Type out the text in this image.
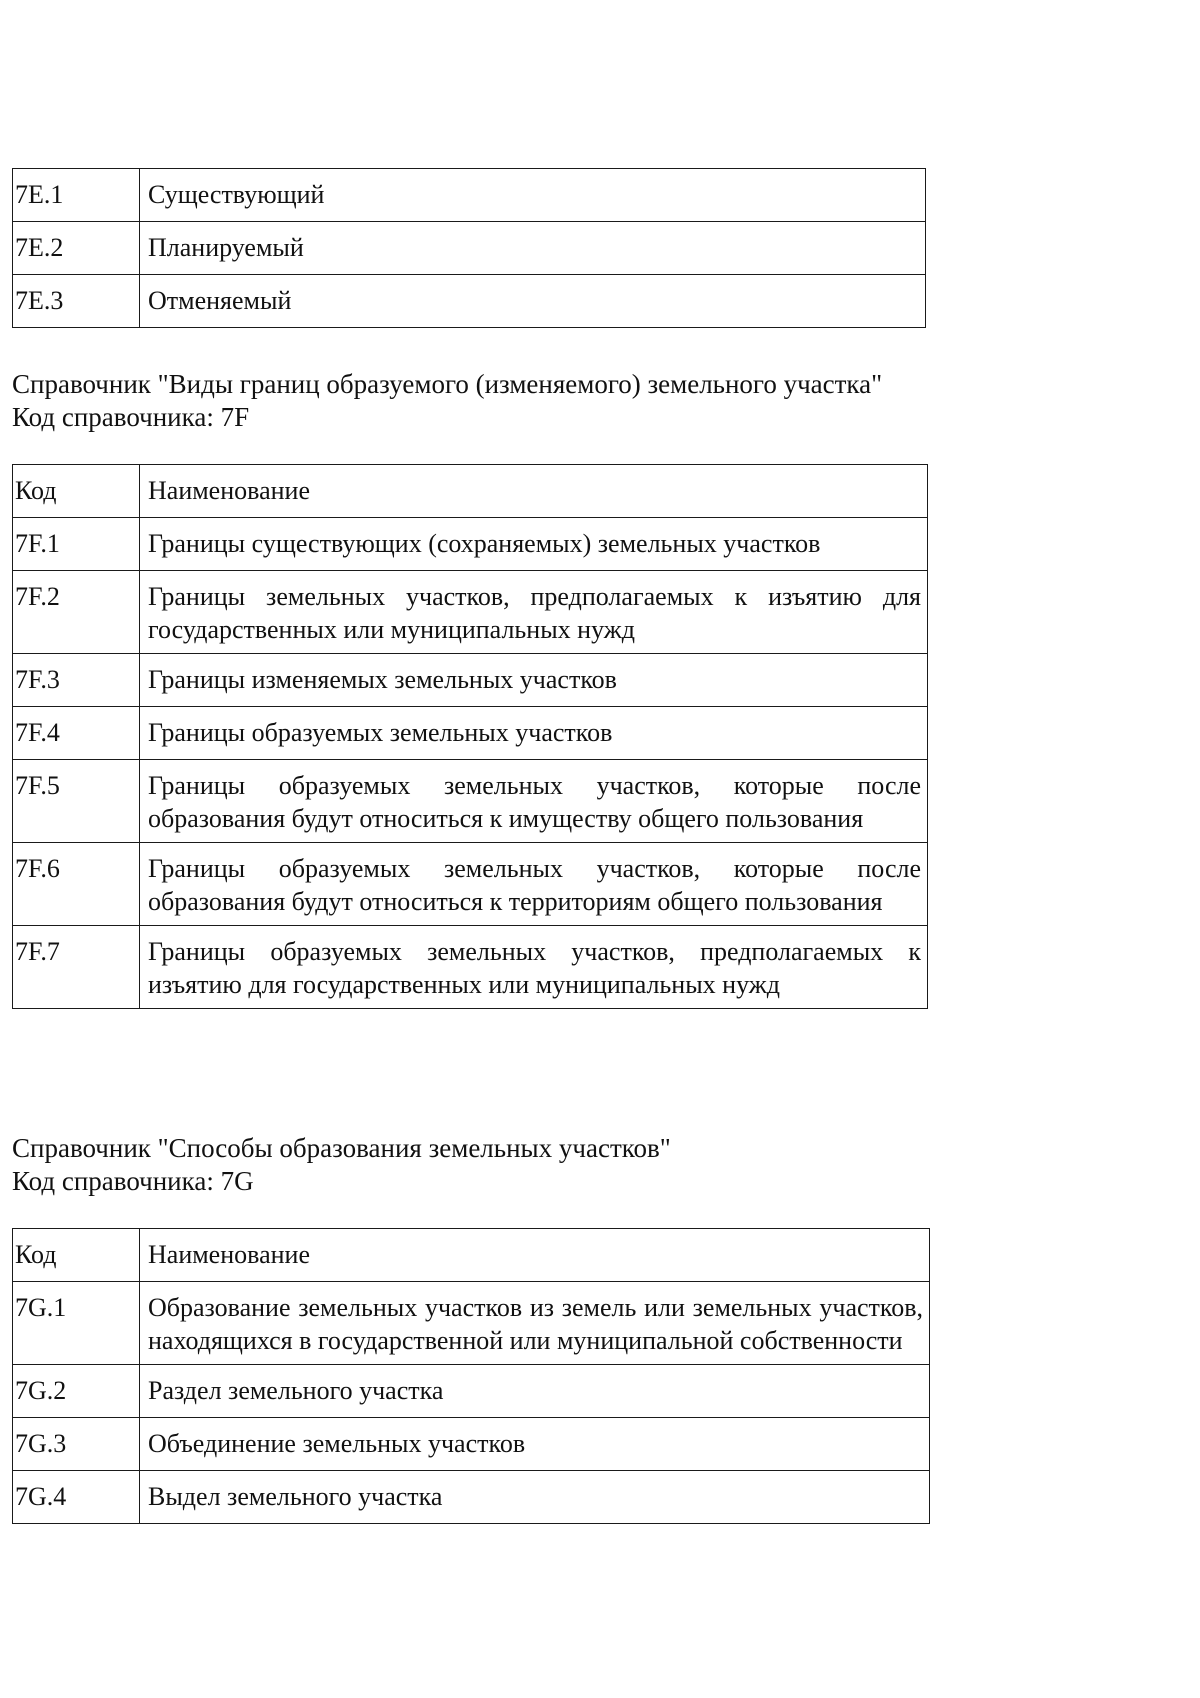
7E.1	Существующий
7E.2	Планируемый
7E.3	Отменяемый
Справочник "Виды границ образуемого (изменяемого) земельного участка"
Код справочника: 7F
Код	Наименование
7F.1	Границы существующих (сохраняемых) земельных участков
7F.2	Границы земельных участков, предполагаемых к изъятию для государственных или муниципальных нужд
7F.3	Границы изменяемых земельных участков
7F.4	Границы образуемых земельных участков
7F.5	Границы образуемых земельных участков, которые после образования будут относиться к имуществу общего пользования
7F.6	Границы образуемых земельных участков, которые после образования будут относиться к территориям общего пользования
7F.7	Границы образуемых земельных участков, предполагаемых к изъятию для государственных или муниципальных нужд
Справочник "Способы образования земельных участков"
Код справочника: 7G
Код	Наименование
7G.1	Образование земельных участков из земель или земельных участков, находящихся в государственной или муниципальной собственности
7G.2	Раздел земельного участка
7G.3	Объединение земельных участков
7G.4	Выдел земельного участка
